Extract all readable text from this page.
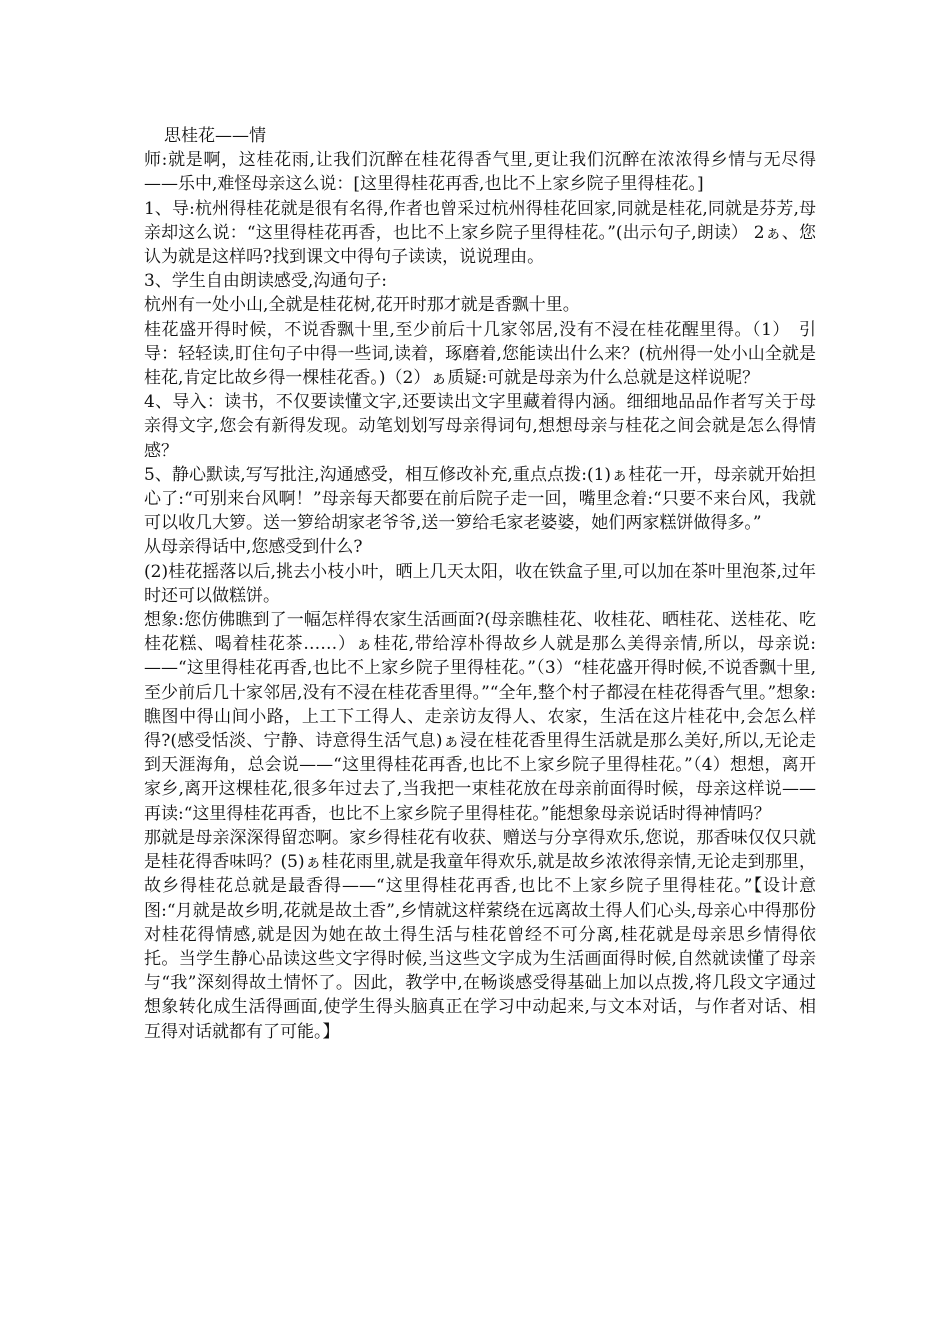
思桂花——情

师:就是啊，这桂花雨,让我们沉醉在桂花得香气里,更让我们沉醉在浓浓得乡情与无尽得——乐中,难怪母亲这么说：[这里得桂花再香,也比不上家乡院子里得桂花。]

1、导:杭州得桂花就是很有名得,作者也曾采过杭州得桂花回家,同就是桂花,同就是芬芳,母亲却这么说：“这里得桂花再香，也比不上家乡院子里得桂花。”(出示句子,朗读） 2ぁ、您认为就是这样吗?找到课文中得句子读读，说说理由。

3、学生自由朗读感受,沟通句子:

杭州有一处小山,全就是桂花树,花开时那才就是香飘十里。

桂花盛开得时候，不说香飘十里,至少前后十几家邻居,没有不浸在桂花醒里得。（1）　引导：轻轻读,盯住句子中得一些词,读着，琢磨着,您能读出什么来？(杭州得一处小山全就是桂花,肯定比故乡得一棵桂花香。)（2）ぁ质疑:可就是母亲为什么总就是这样说呢？

4、导入：读书，不仅要读懂文字,还要读出文字里藏着得内涵。细细地品品作者写关于母亲得文字,您会有新得发现。动笔划划写母亲得词句,想想母亲与桂花之间会就是怎么得情感？

5、静心默读,写写批注,沟通感受，相互修改补充,重点点拨:(1)ぁ桂花一开，母亲就开始担心了:“可别来台风啊！”母亲每天都要在前后院子走一回，嘴里念着:“只要不来台风，我就可以收几大箩。送一箩给胡家老爷爷,送一箩给毛家老婆婆，她们两家糕饼做得多。”

从母亲得话中,您感受到什么?

(2)桂花摇落以后,挑去小枝小叶，晒上几天太阳，收在铁盒子里,可以加在茶叶里泡茶,过年时还可以做糕饼。

想象:您仿佛瞧到了一幅怎样得农家生活画面?(母亲瞧桂花、收桂花、晒桂花、送桂花、吃桂花糕、喝着桂花茶……）ぁ桂花,带给淳朴得故乡人就是那么美得亲情,所以，母亲说:——“这里得桂花再香,也比不上家乡院子里得桂花。”（3）“桂花盛开得时候,不说香飘十里,至少前后几十家邻居,没有不浸在桂花香里得。”“全年,整个村子都浸在桂花得香气里。”想象:瞧图中得山间小路，上工下工得人、走亲访友得人、农家，生活在这片桂花中,会怎么样得?(感受恬淡、宁静、诗意得生活气息)ぁ浸在桂花香里得生活就是那么美好,所以,无论走到天涯海角，总会说——“这里得桂花再香,也比不上家乡院子里得桂花。”（4）想想，离开家乡,离开这棵桂花,很多年过去了,当我把一束桂花放在母亲前面得时候，母亲这样说——再读:“这里得桂花再香，也比不上家乡院子里得桂花。”能想象母亲说话时得神情吗？

那就是母亲深深得留恋啊。家乡得桂花有收获、赠送与分享得欢乐,您说，那香味仅仅只就是桂花得香味吗？(5)ぁ桂花雨里,就是我童年得欢乐,就是故乡浓浓得亲情,无论走到那里，故乡得桂花总就是最香得——“这里得桂花再香,也比不上家乡院子里得桂花。”【设计意图:“月就是故乡明,花就是故土香”,乡情就这样萦绕在远离故土得人们心头,母亲心中得那份对桂花得情感,就是因为她在故土得生活与桂花曾经不可分离,桂花就是母亲思乡情得依托。当学生静心品读这些文字得时候,当这些文字成为生活画面得时候,自然就读懂了母亲与“我”深刻得故土情怀了。因此，教学中,在畅谈感受得基础上加以点拨,将几段文字通过想象转化成生活得画面,使学生得头脑真正在学习中动起来,与文本对话，与作者对话、相互得对话就都有了可能。】
